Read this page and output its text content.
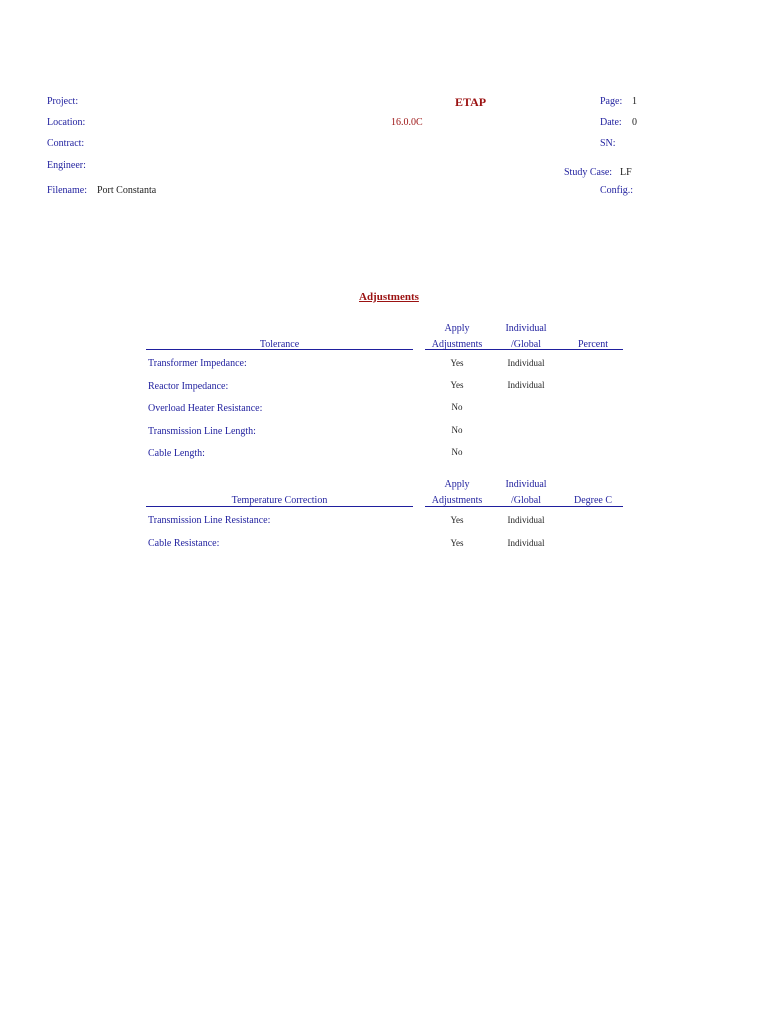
Project:
Location:
Contract:
Engineer:
Filename: Port Constanta
ETAP
16.0.0C
Page: 1
Date: 0
SN:
Study Case: LF
Config.:
Adjustments
Apply	Individual
Tolerance	Adjustments	/Global	Percent
Transformer Impedance:	Yes	Individual
Reactor Impedance:	Yes	Individual
Overload Heater Resistance:	No
Transmission Line Length:	No
Cable Length:	No
Apply	Individual
Temperature Correction	Adjustments	/Global	Degree C
Transmission Line Resistance:	Yes	Individual
Cable Resistance:	Yes	Individual
